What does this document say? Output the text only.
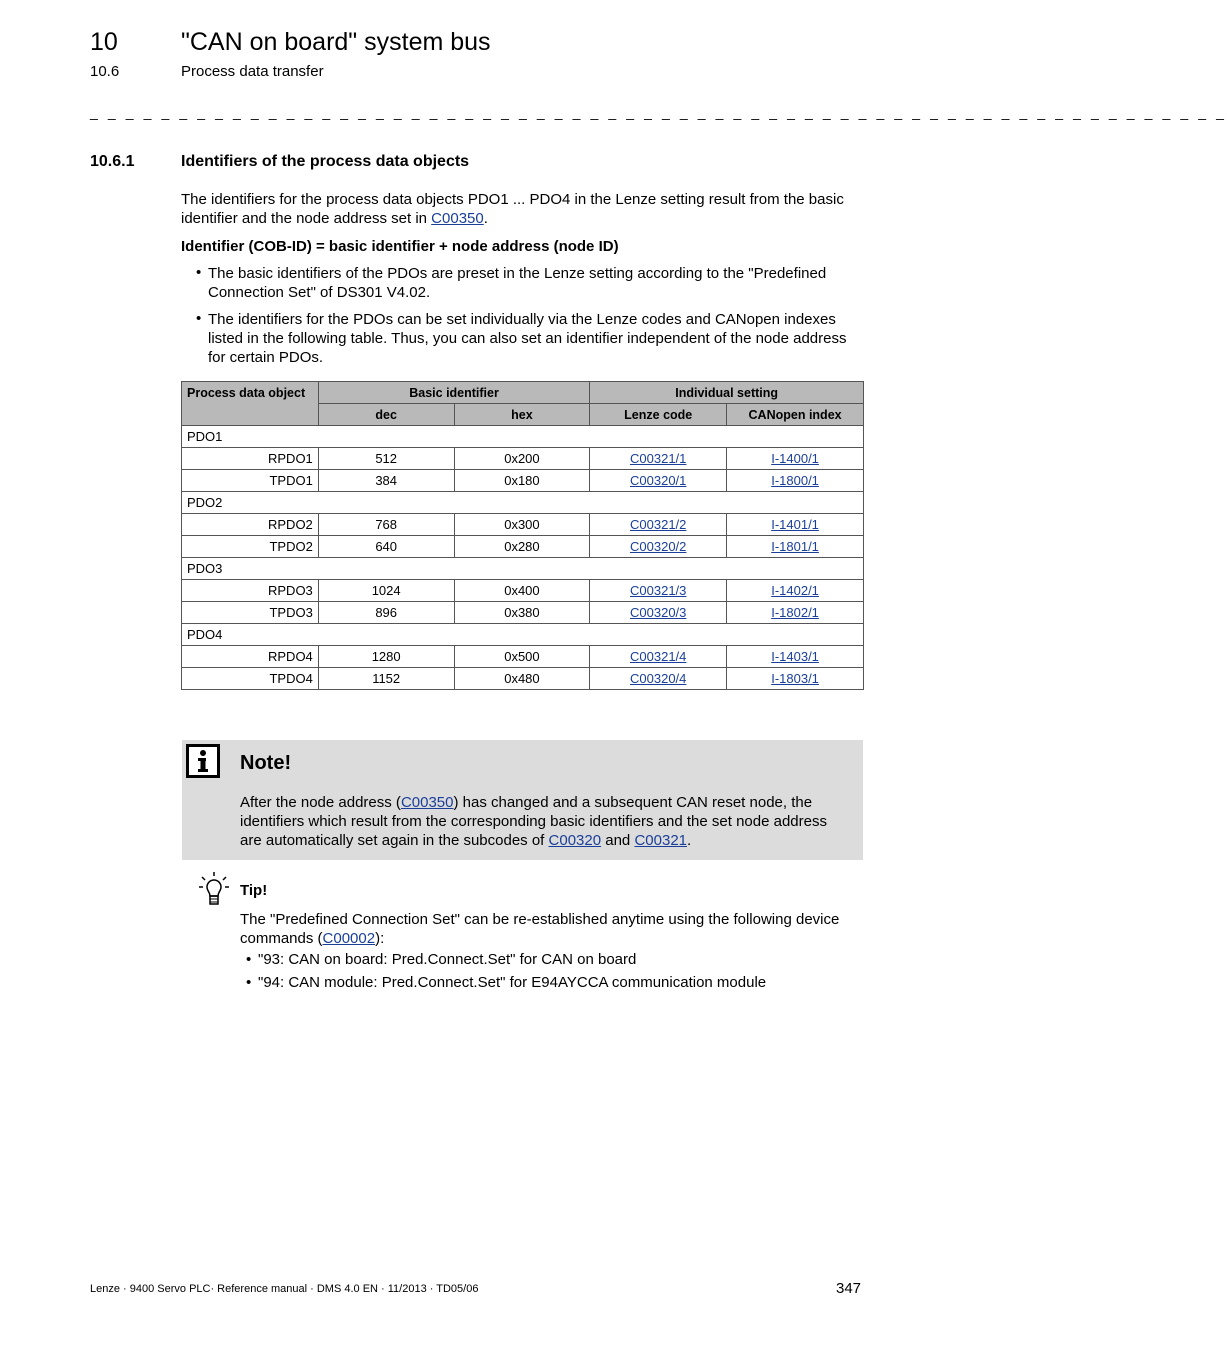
10	"CAN on board" system bus
10.6	Process data transfer
_ _ _ _ _ _ _ _ _ _ _ _ _ _ _ _ _ _ _ _ _ _ _ _ _ _ _ _ _ _ _ _ _ _ _ _ _ _ _ _ _ _ _ _ _ _ _ _ _ _ _ _ _ _ _ _ _ _ _ _ _ _ _ _
10.6.1	Identifiers of the process data objects
The identifiers for the process data objects PDO1 ... PDO4 in the Lenze setting result from the basic identifier and the node address set in C00350.
Identifier (COB-ID) = basic identifier + node address (node ID)
• The basic identifiers of the PDOs are preset in the Lenze setting according to the "Predefined Connection Set" of DS301 V4.02.
• The identifiers for the PDOs can be set individually via the Lenze codes and CANopen indexes listed in the following table. Thus, you can also set an identifier independent of the node address for certain PDOs.
Process data object	Basic identifier		Individual setting	
	dec	hex	Lenze code	CANopen index
PDO1				
RPDO1	512	0x200	C00321/1	I-1400/1
TPDO1	384	0x180	C00320/1	I-1800/1
PDO2				
RPDO2	768	0x300	C00321/2	I-1401/1
TPDO2	640	0x280	C00320/2	I-1801/1
PDO3				
RPDO3	1024	0x400	C00321/3	I-1402/1
TPDO3	896	0x380	C00320/3	I-1802/1
PDO4				
RPDO4	1280	0x500	C00321/4	I-1403/1
TPDO4	1152	0x480	C00320/4	I-1803/1
Note!
After the node address (C00350) has changed and a subsequent CAN reset node, the identifiers which result from the corresponding basic identifiers and the set node address are automatically set again in the subcodes of C00320 and C00321.
Tip!
The "Predefined Connection Set" can be re-established anytime using the following device commands (C00002):
• "93: CAN on board: Pred.Connect.Set" for CAN on board
• "94: CAN module: Pred.Connect.Set" for E94AYCCA communication module
Lenze · 9400 Servo PLC· Reference manual · DMS 4.0 EN · 11/2013 · TD05/06	347
